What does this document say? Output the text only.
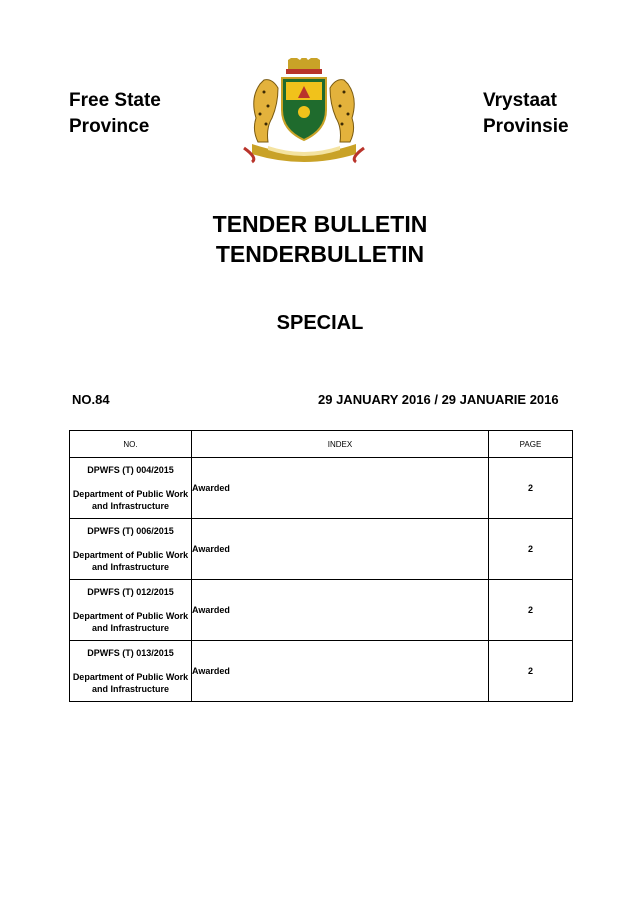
Free State
Province
Vrystaat
Provinsie
TENDER BULLETIN
TENDERBULLETIN
SPECIAL
NO.84	29 JANUARY 2016 / 29 JANUARIE 2016
NO.	INDEX	PAGE

DPWFS (T) 004/2015
Department of Public Work and Infrastructure	Awarded	2

DPWFS (T) 006/2015
Department of Public Work and Infrastructure	Awarded	2

DPWFS (T) 012/2015
Department of Public Work and Infrastructure	Awarded	2

DPWFS (T) 013/2015
Department of Public Work and Infrastructure	Awarded	2
